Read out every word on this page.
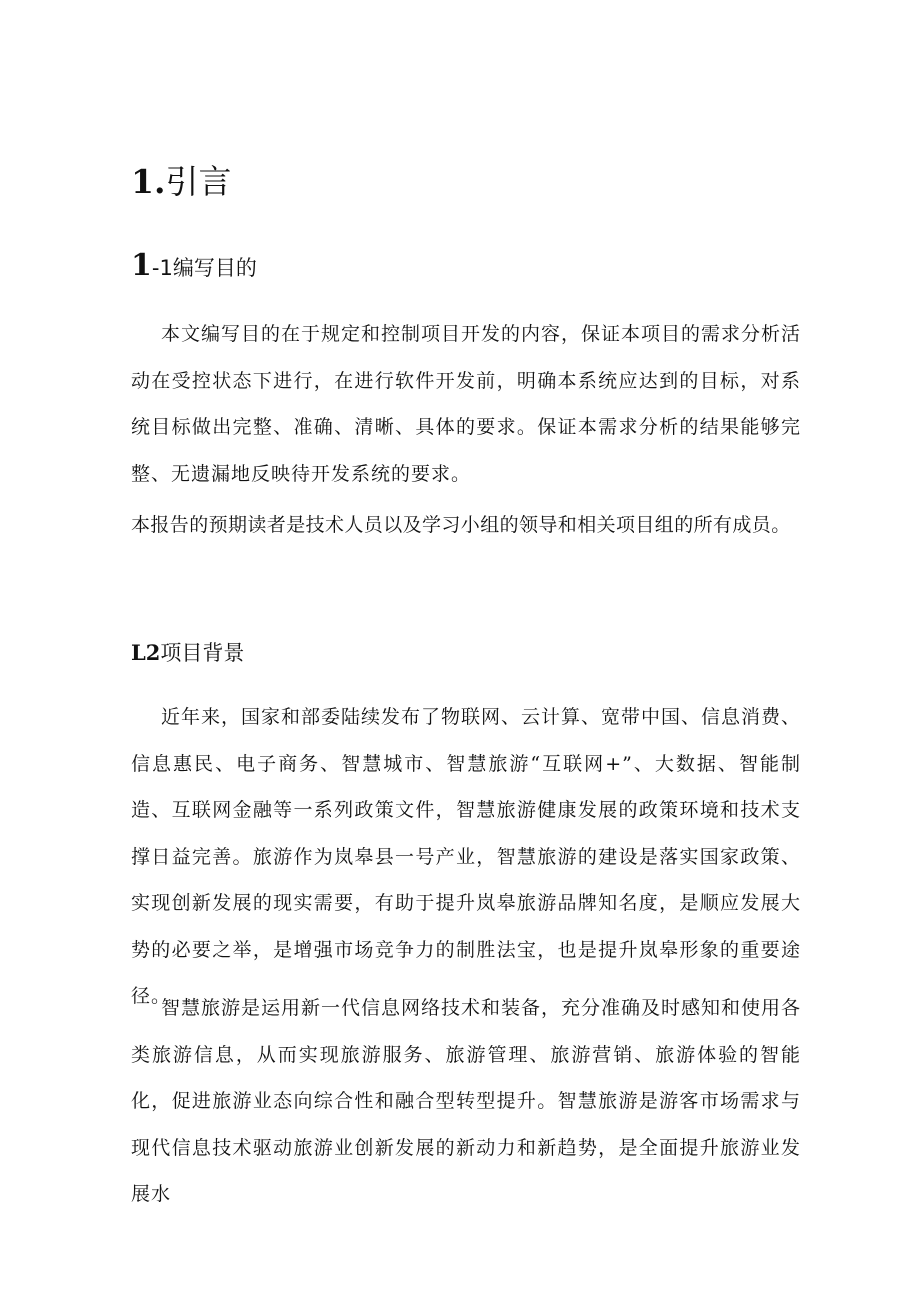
1.引言
1-1编写目的

本文编写目的在于规定和控制项目开发的内容，保证本项目的需求分析活动在受控状态下进行，在进行软件开发前，明确本系统应达到的目标，对系统目标做出完整、准确、清晰、具体的要求。保证本需求分析的结果能够完整、无遗漏地反映待开发系统的要求。

本报告的预期读者是技术人员以及学习小组的领导和相关项目组的所有成员。

L2项目背景

近年来，国家和部委陆续发布了物联网、云计算、宽带中国、信息消费、信息惠民、电子商务、智慧城市、智慧旅游“互联网+”、大数据、智能制造、互联网金融等一系列政策文件，智慧旅游健康发展的政策环境和技术支撑日益完善。旅游作为岚皋县一号产业，智慧旅游的建设是落实国家政策、实现创新发展的现实需要，有助于提升岚皋旅游品牌知名度，是顺应发展大势的必要之举，是增强市场竞争力的制胜法宝，也是提升岚皋形象的重要途径。

智慧旅游是运用新一代信息网络技术和装备，充分准确及时感知和使用各类旅游信息，从而实现旅游服务、旅游管理、旅游营销、旅游体验的智能化，促进旅游业态向综合性和融合型转型提升。智慧旅游是游客市场需求与现代信息技术驱动旅游业创新发展的新动力和新趋势，是全面提升旅游业发展水
